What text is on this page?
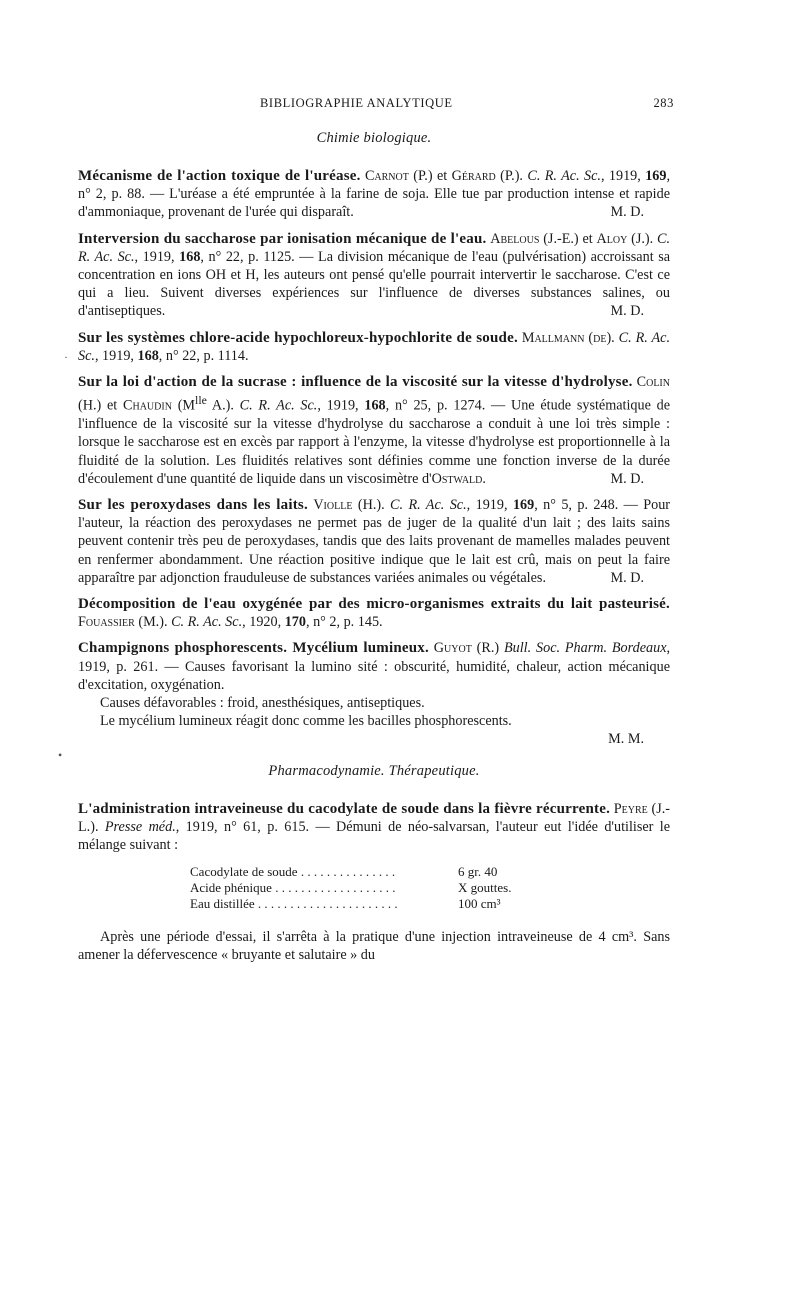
BIBLIOGRAPHIE ANALYTIQUE	283
Chimie biologique.

Mécanisme de l'action toxique de l'uréase. Carnot (P.) et Gérard (P.). C. R. Ac. Sc., 1919, 169, n° 2, p. 88. — L'uréase a été empruntée à la farine de soja. Elle tue par production intense et rapide d'ammoniaque, provenant de l'urée qui disparaît.	M. D.

Interversion du saccharose par ionisation mécanique de l'eau. Abelous (J.-E.) et Aloy (J.). C. R. Ac. Sc., 1919, 168, n° 22, p. 1125. — La division mécanique de l'eau (pulvérisation) accroissant sa concentration en ions OH et H, les auteurs ont pensé qu'elle pourrait intervertir le saccharose. C'est ce qui a lieu. Suivent diverses expériences sur l'influence de diverses substances salines, ou d'antiseptiques.	M. D.

Sur les systèmes chlore-acide hypochloreux-hypochlorite de soude. Mallmann (de). C. R. Ac. Sc., 1919, 168, n° 22, p. 1114.

Sur la loi d'action de la sucrase : influence de la viscosité sur la vitesse d'hydrolyse. Colin (H.) et Chaudin ($M^{lle}$ A.). C. R. Ac. Sc., 1919, 168, n° 25, p. 1274. — Une étude systématique de l'influence de la viscosité sur la vitesse d'hydrolyse du saccharose a conduit à une loi très simple : lorsque le saccharose est en excès par rapport à l'enzyme, la vitesse d'hydrolyse est proportionnelle à la fluidité de la solution. Les fluidités relatives sont définies comme une fonction inverse de la durée d'écoulement d'une quantité de liquide dans un viscosimètre d'Ostwald.	M. D.

Sur les peroxydases dans les laits. Violle (H.). C. R. Ac. Sc., 1919, 169, n° 5, p. 248. — Pour l'auteur, la réaction des peroxydases ne permet pas de juger de la qualité d'un lait ; des laits sains peuvent contenir très peu de peroxydases, tandis que des laits provenant de mamelles malades peuvent en renfermer abondamment. Une réaction positive indique que le lait est crû, mais on peut la faire apparaître par adjonction frauduleuse de substances variées animales ou végétales.	M. D.

Décomposition de l'eau oxygénée par des micro-organismes extraits du lait pasteurisé. Fouassier (M.). C. R. Ac. Sc., 1920, 170, n° 2, p. 145.

Champignons phosphorescents. Mycélium lumineux. Guyot (R.) Bull. Soc. Pharm. Bordeaux, 1919, p. 261. — Causes favorisant la lumino sité : obscurité, humidité, chaleur, action mécanique d'excitation, oxygénation.
Causes défavorables : froid, anesthésiques, antiseptiques.
Le mycélium lumineux réagit donc comme les bacilles phosphorescents.
M. M.
Pharmacodynamie. Thérapeutique.

L'administration intraveineuse du cacodylate de soude dans la fièvre récurrente. Peyre (J.-L.). Presse méd., 1919, n° 61, p. 615. — Démuni de néo-salvarsan, l'auteur eut l'idée d'utiliser le mélange suivant :

Cacodylate de soude . . . . . . . . . . . . . . .	6 gr. 40
Acide phénique . . . . . . . . . . . . . . . . . . .	X gouttes.
Eau distillée . . . . . . . . . . . . . . . . . . . . . .	100 cm³

Après une période d'essai, il s'arrêta à la pratique d'une injection intraveineuse de 4 cm³. Sans amener la défervescence « bruyante et salutaire » du

·
•
